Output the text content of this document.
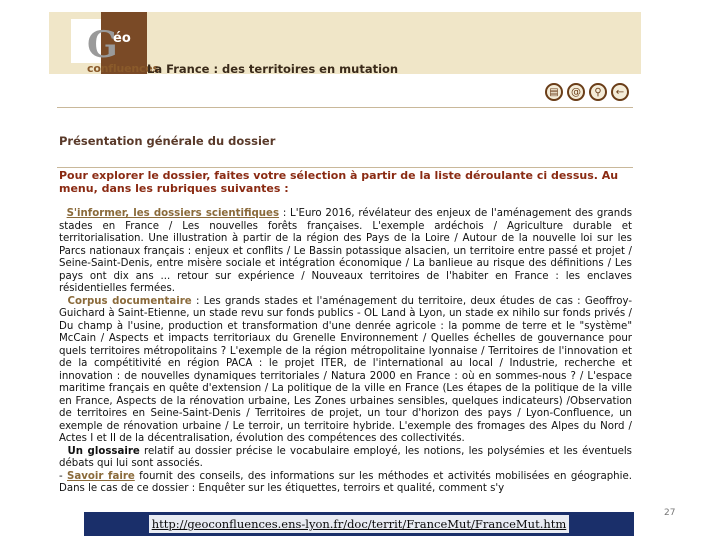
G
éo
confluences
La France : des territoires en mutation
▤	@	⚲	←
Présentation générale du dossier
Pour explorer le dossier, faites votre sélection à partir de la liste déroulante ci dessus. Au menu, dans les rubriques suivantes :

S'informer, les dossiers scientifiques : L'Euro 2016, révélateur des enjeux de l'aménagement des grands stades en France / Les nouvelles forêts françaises. L'exemple ardéchois / Agriculture durable et territorialisation. Une illustration à partir de la région des Pays de la Loire / Autour de la nouvelle loi sur les Parcs nationaux français : enjeux et conflits / Le Bassin potassique alsacien, un territoire entre passé et projet / Seine-Saint-Denis, entre misère sociale et intégration économique / La banlieue au risque des définitions / Les pays ont dix ans ... retour sur expérience / Nouveaux territoires de l'habiter en France : les enclaves résidentielles fermées.

Corpus documentaire : Les grands stades et l'aménagement du territoire, deux études de cas : Geoffroy-Guichard à Saint-Etienne, un stade revu sur fonds publics - OL Land à Lyon, un stade ex nihilo sur fonds privés / Du champ à l'usine, production et transformation d'une denrée agricole : la pomme de terre et le "système" McCain / Aspects et impacts territoriaux du Grenelle Environnement / Quelles échelles de gouvernance pour quels territoires métropolitains ? L'exemple de la région métropolitaine lyonnaise / Territoires de l'innovation et de la compétitivité en région PACA : le projet ITER, de l'international au local / Industrie, recherche et innovation : de nouvelles dynamiques territoriales / Natura 2000 en France : où en sommes-nous ? / L'espace maritime français en quête d'extension / La politique de la ville en France (Les étapes de la politique de la ville en France, Aspects de la rénovation urbaine, Les Zones urbaines sensibles, quelques indicateurs) /Observation de territoires en Seine-Saint-Denis / Territoires de projet, un tour d'horizon des pays / Lyon-Confluence, un exemple de rénovation urbaine / Le terroir, un territoire hybride. L'exemple des fromages des Alpes du Nord / Actes I et II de la décentralisation, évolution des compétences des collectivités.

Un glossaire relatif au dossier précise le vocabulaire employé, les notions, les polysémies et les éventuels débats qui lui sont associés.

- Savoir faire fournit des conseils, des informations sur les méthodes et activités mobilisées en géographie. Dans le cas de ce dossier : Enquêter sur les étiquettes, terroirs et qualité, comment s'y

http://geoconfluences.ens-lyon.fr/doc/territ/FranceMut/FranceMut.htm
27
